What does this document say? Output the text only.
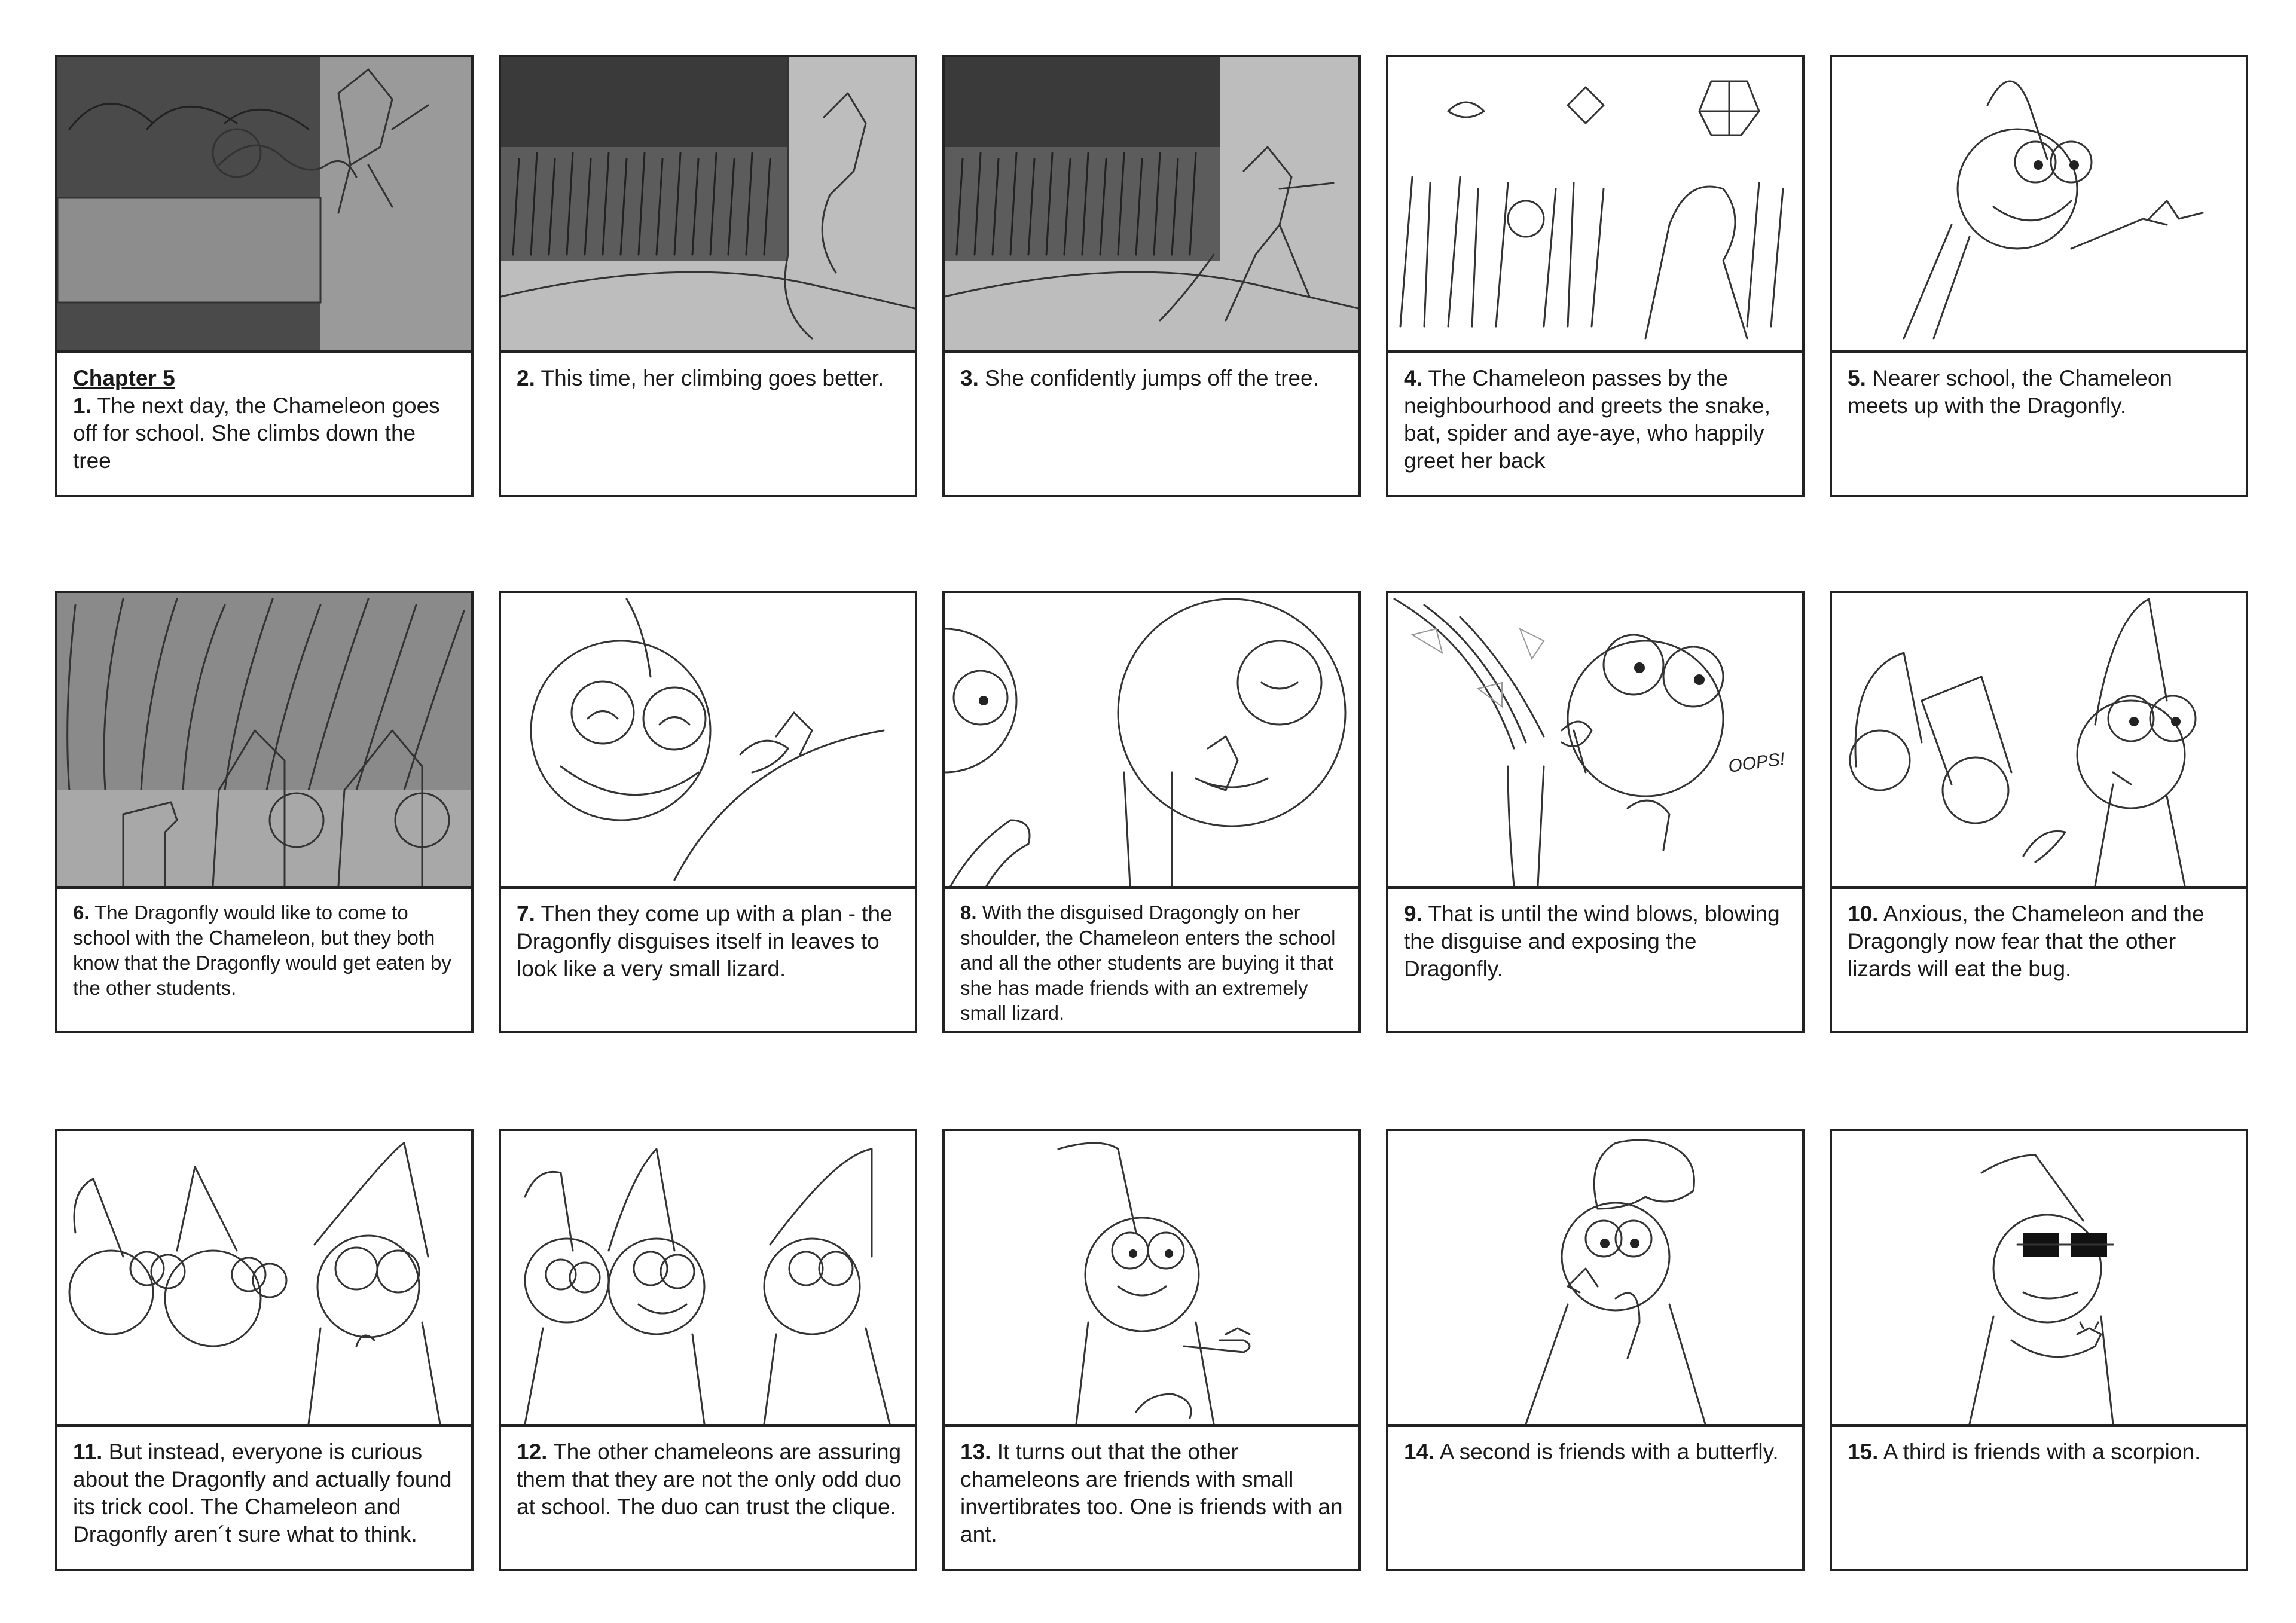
Chapter 5
1. The next day, the Chameleon goes off for school. She climbs down the tree
2. This time, her climbing goes better.	3. She confidently jumps off the tree.	4. The Chameleon passes by the neighbourhood and greets the snake, bat, spider and aye-aye, who happily greet her back
5. Nearer school, the Chameleon meets up with the Dragonfly.
6. The Dragonfly would like to come to school with the Chameleon, but they both know that the Dragonfly would get eaten by the other students.
7. Then they come up with a plan - the Dragonfly disguises itself in leaves to look like a very small lizard.
8. With the disguised Dragongly on her shoulder, the Chameleon enters the school and all the other students are buying it that she has made friends with an extremely small lizard.
OOPS!
9. That is until the wind blows, blowing the disguise and exposing the Dragonfly.
10. Anxious, the Chameleon and the Dragongly now fear that the other lizards will eat the bug.
11. But instead, everyone is curious about the Dragonfly and actually found its trick cool. The Chameleon and Dragonfly aren´t sure what to think.
12. The other chameleons are assuring them that they are not the only odd duo at school. The duo can trust the clique.
13. It turns out that the other chameleons are friends with small invertibrates too. One is friends with an ant.
14. A second is friends with a butterfly.	15. A third is friends with a scorpion.
